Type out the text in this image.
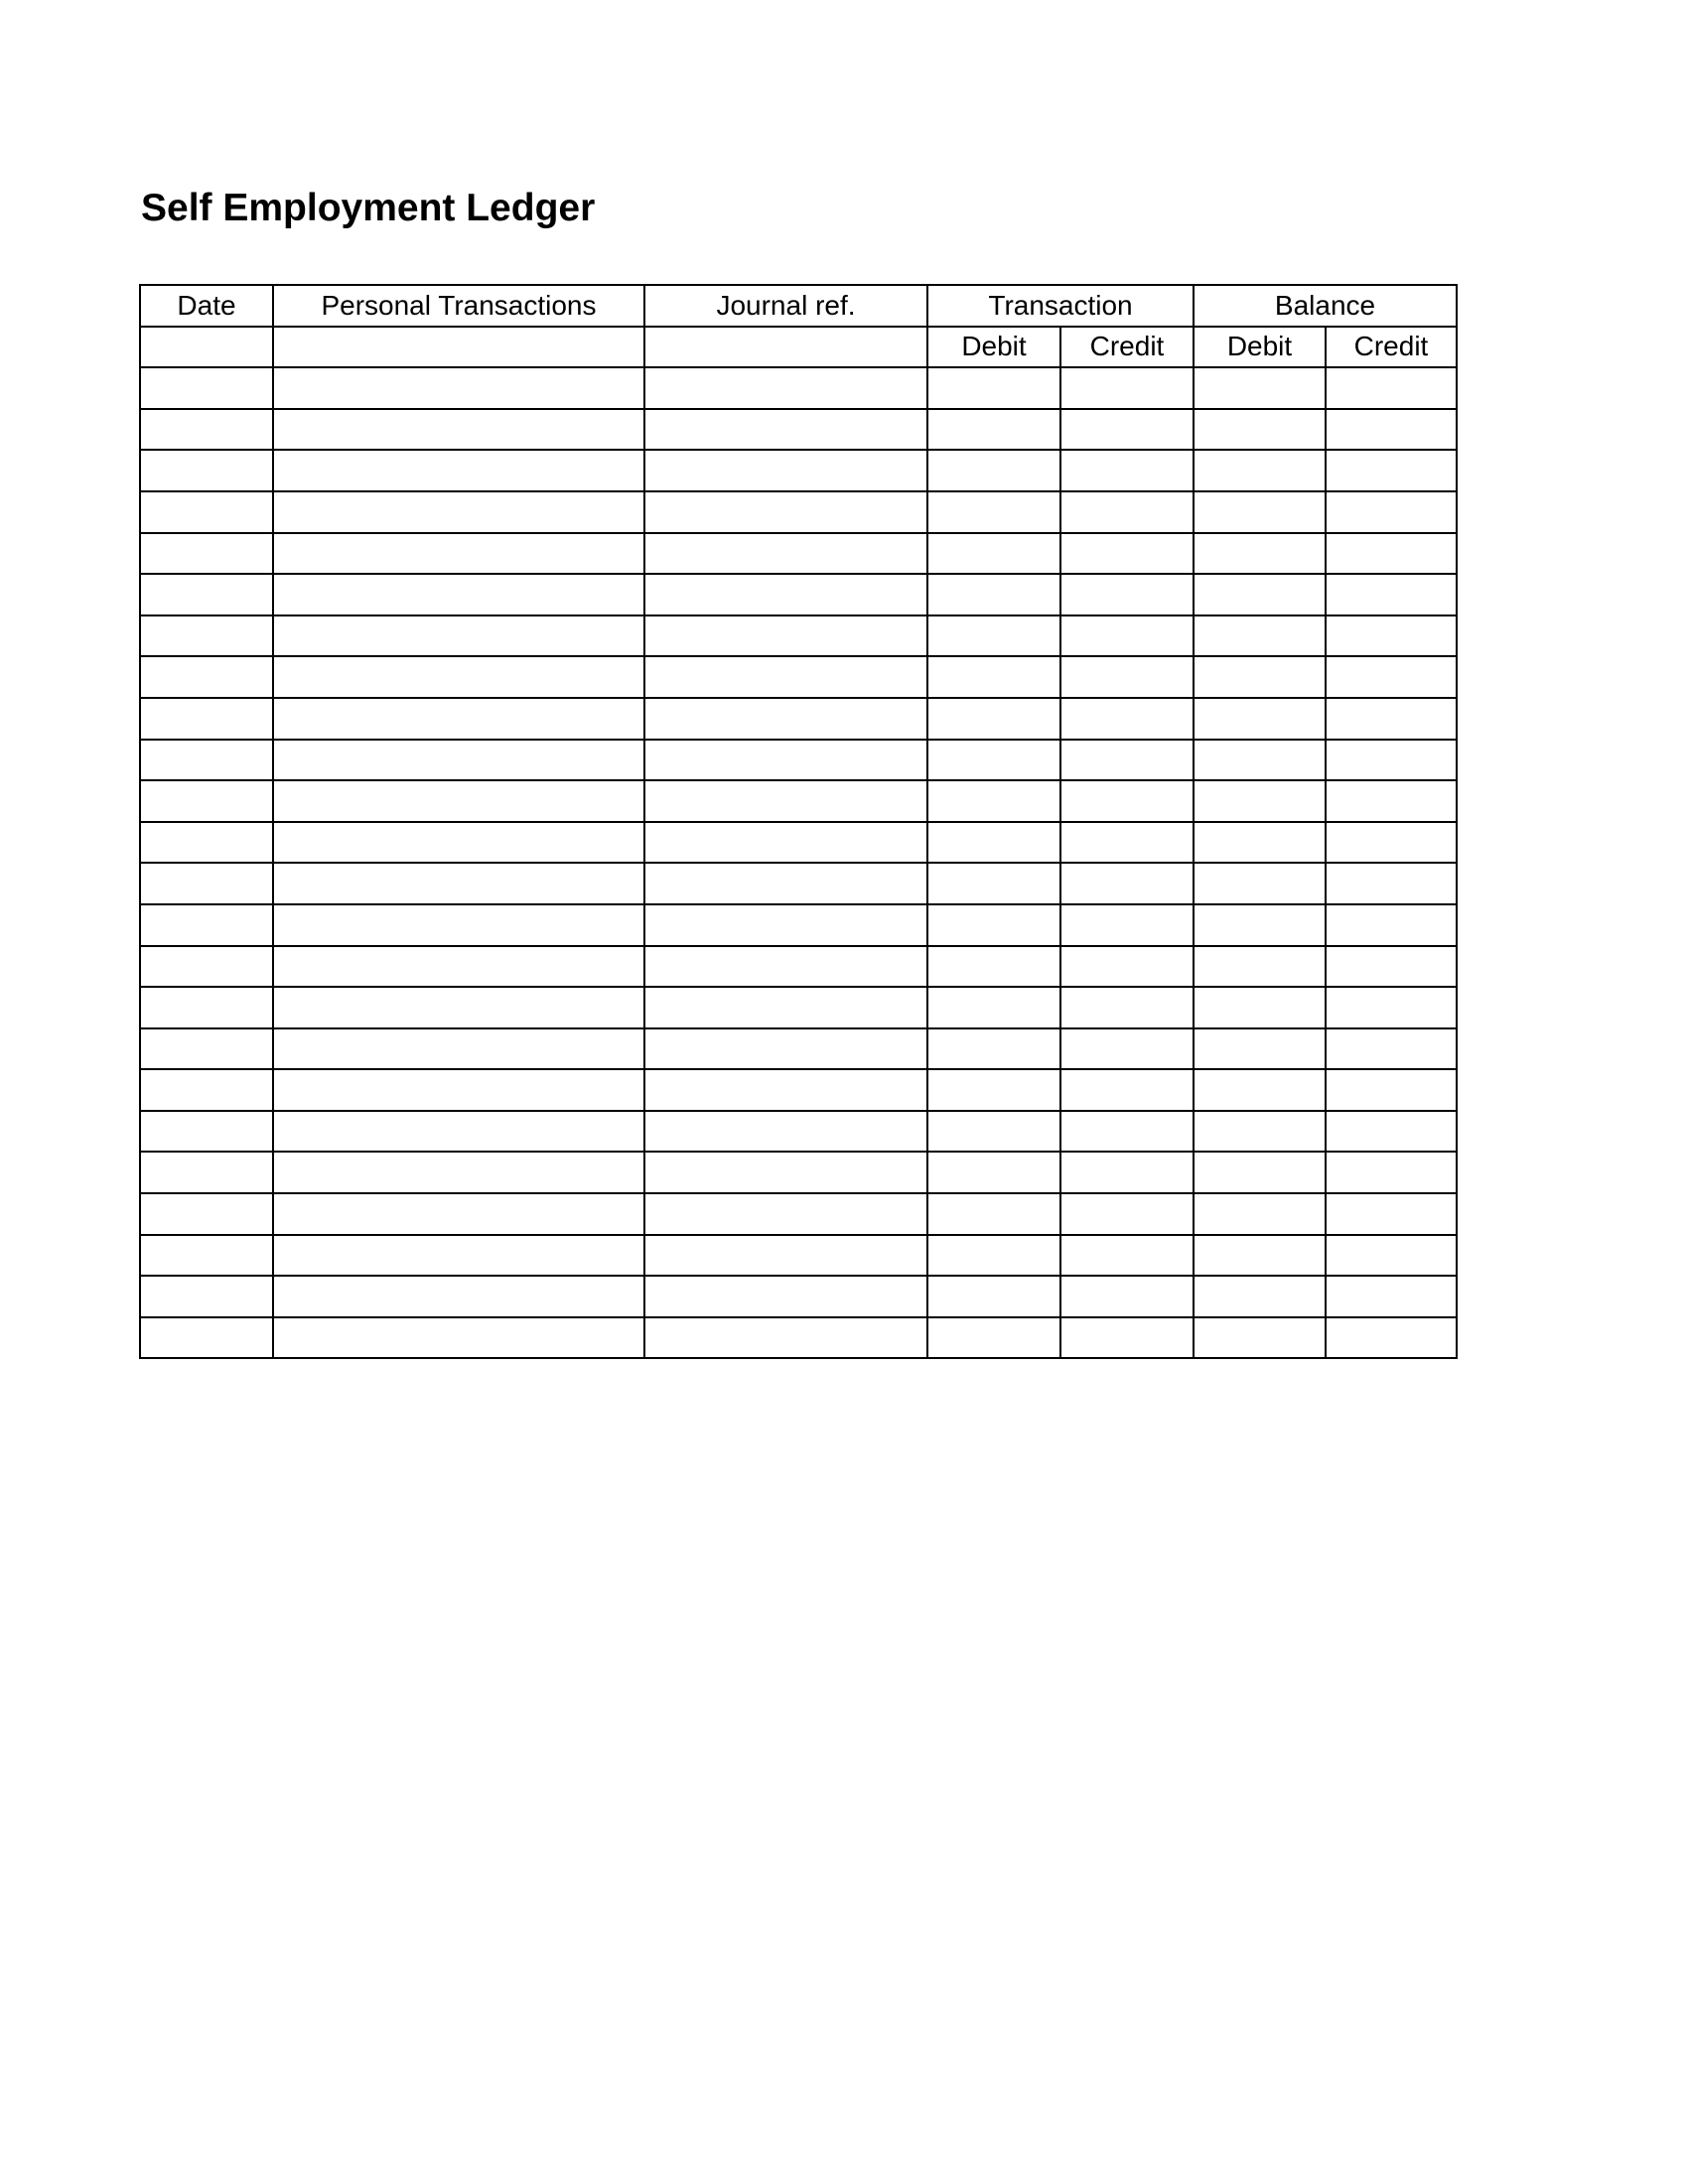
Self Employment Ledger
Date	Personal Transactions	Journal ref.	Transaction		Balance	
			Debit	Credit	Debit	Credit
